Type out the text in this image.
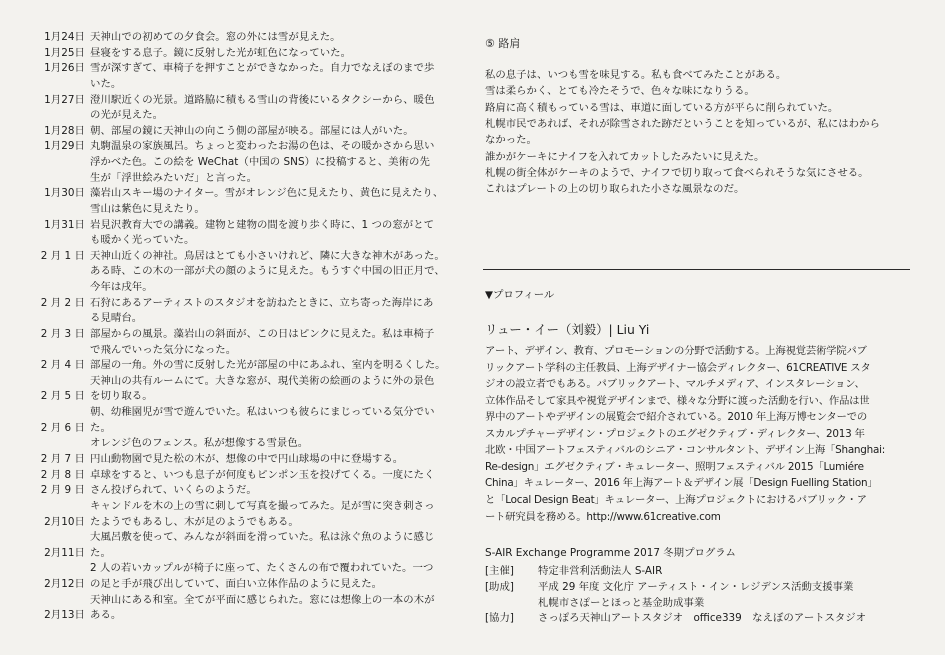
1月24日 天神山での初めての夕食会。窓の外には雪が見えた。
1月25日 昼寝をする息子。鏡に反射した光が虹色になっていた。
1月26日 雪が深すぎて、車椅子を押すことができなかった。自力でなえぼのまで歩
いた。
1月27日 澄川駅近くの光景。道路脇に積もる雪山の背後にいるタクシーから、暖色
の光が見えた。
1月28日 朝、部屋の鏡に天神山の向こう側の部屋が映る。部屋には人がいた。
1月29日 丸駒温泉の家族風呂。ちょっと変わったお湯の色は、その暖かさから思い
浮かべた色。この絵を WeChat（中国の SNS）に投稿すると、美術の先
生が「浮世絵みたいだ」と言った。
1月30日 藻岩山スキー場のナイター。雪がオレンジ色に見えたり、黄色に見えたり、
雪山は紫色に見えたり。
1月31日 岩見沢教育大での講義。建物と建物の間を渡り歩く時に、1 つの窓がとて
も暖かく光っていた。
2 月 1 日 天神山近くの神社。鳥居はとても小さいけれど、隣に大きな神木があった。
ある時、この木の一部が犬の顔のように見えた。もうすぐ中国の旧正月で、
今年は戌年。
2 月 2 日 石狩にあるアーティストのスタジオを訪ねたときに、立ち寄った海岸にあ
る見晴台。
2 月 3 日 部屋からの風景。藻岩山の斜面が、この日はピンクに見えた。私は車椅子
で飛んでいった気分になった。
2 月 4 日 部屋の一角。外の雪に反射した光が部屋の中にあふれ、室内を明るくした。
天神山の共有ルームにて。大きな窓が、現代美術の絵画のように外の景色
2 月 5 日 を切り取る。
朝、幼稚園児が雪で遊んでいた。私はいつも彼らにまじっている気分でい
2 月 6 日 た。
オレンジ色のフェンス。私が想像する雪景色。
2 月 7 日 円山動物園で見た松の木が、想像の中で円山球場の中に登場する。
2 月 8 日 卓球をすると、いつも息子が何度もピンポン玉を投げてくる。一度にたく
2 月 9 日 さん投げられて、いくらのようだ。
キャンドルを木の上の雪に刺して写真を撮ってみた。足が雪に突き刺さっ
2月10日 たようでもあるし、木が足のようでもある。
大風呂敷を使って、みんなが斜面を滑っていた。私は泳ぐ魚のように感じ
2月11日 た。
2 人の若いカップルが椅子に座って、たくさんの布で覆われていた。一つ
2月12日 の足と手が飛び出していて、面白い立体作品のように見えた。
天神山にある和室。全てが平面に感じられた。窓には想像上の一本の木が
2月13日 ある。
⑤ 路肩
私の息子は、いつも雪を味見する。私も食べてみたことがある。
雪は柔らかく、とても冷たそうで、色々な味になりうる。
路肩に高く積もっている雪は、車道に面している方が平らに削られていた。
札幌市民であれば、それが除雪された跡だということを知っているが、私にはわから
なかった。
誰かがケーキにナイフを入れてカットしたみたいに見えた。
札幌の街全体がケーキのようで、ナイフで切り取って食べられそうな気にさせる。
これはプレートの上の切り取られた小さな風景なのだ。
▼プロフィール
リュー・イー（刘毅）| Liu Yi
アート、デザイン、教育、プロモーションの分野で活動する。上海視覚芸術学院パブ
リックアート学科の主任教員、上海デザイナー協会ディレクター、61CREATIVE スタ
ジオの設立者でもある。パブリックアート、マルチメディア、インスタレーション、
立体作品そして家具や視覚デザインまで、様々な分野に渡った活動を行い、作品は世
界中のアートやデザインの展覧会で紹介されている。2010 年上海万博センターでの
スカルプチャーデザイン・プロジェクトのエグゼクティブ・ディレクター、2013 年
北欧・中国アートフェスティバルのシニア・コンサルタント、デザイン上海「Shanghai:
Re-design」エグゼクティブ・キュレーター、照明フェスティバル 2015「Lumiére
China」キュレーター、2016 年上海アート＆デザイン展「Design Fuelling Station」
と「Local Design Beat」キュレーター、上海プロジェクトにおけるパブリック・ア
ート研究員を務める。http://www.61creative.com
S-AIR Exchange Programme 2017 冬期プログラム
[主催] 特定非営利活動法人 S-AIR
[助成] 平成 29 年度 文化庁 アーティスト・イン・レジデンス活動支援事業
札幌市さぽーとほっと基金助成事業
[協力] さっぽろ天神山アートスタジオ　office339　なえぼのアートスタジオ
